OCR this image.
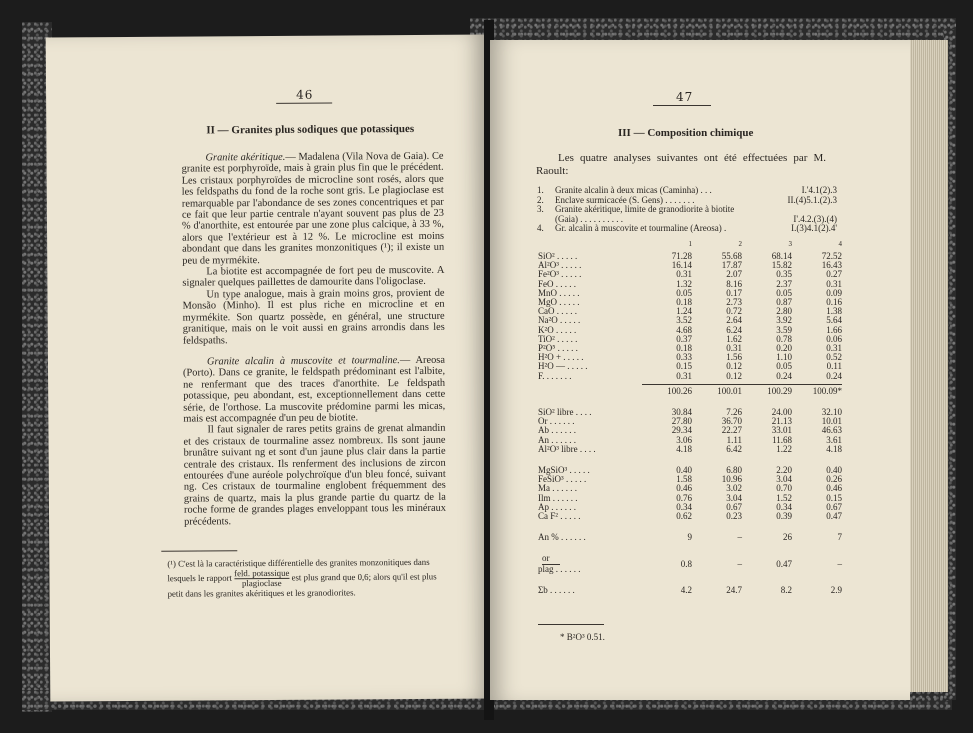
46
II — Granites plus sodiques que potassiques

Granite akéritique.— Madalena (Vila Nova de Gaia). Ce granite est porphyroïde, mais à grain plus fin que le précédent. Les cristaux porphyroïdes de microcline sont rosés, alors que les feldspaths du fond de la roche sont gris. Le plagioclase est remarquable par l'abondance de ses zones concentriques et par ce fait que leur partie centrale n'ayant souvent pas plus de 23 % d'anorthite, est entourée par une zone plus calcique, à 33 %, alors que l'extérieur est à 12 %. Le microcline est moins abondant que dans les granites monzonitiques (¹); il existe un peu de myrmékite.

La biotite est accompagnée de fort peu de muscovite. A signaler quelques paillettes de damourite dans l'oligoclase.

Un type analogue, mais à grain moins gros, provient de Monsão (Minho). Il est plus riche en microcline et en myrmékite. Son quartz possède, en général, une structure granitique, mais on le voit aussi en grains arrondis dans les feldspaths.

Granite alcalin à muscovite et tourmaline.— Areosa (Porto). Dans ce granite, le feldspath prédominant est l'albite, ne renfermant que des traces d'anorthite. Le feldspath potassique, peu abondant, est, exceptionnellement dans cette série, de l'orthose. La muscovite prédomine parmi les micas, mais est accompagnée d'un peu de biotite.

Il faut signaler de rares petits grains de grenat almandin et des cristaux de tourmaline assez nombreux. Ils sont jaune brunâtre suivant ng et sont d'un jaune plus clair dans la partie centrale des cristaux. Ils renferment des inclusions de zircon entourées d'une auréole polychroïque d'un bleu foncé, suivant ng. Ces cristaux de tourmaline englobent fréquemment des grains de quartz, mais la plus grande partie du quartz de la roche forme de grandes plages enveloppant tous les minéraux précédents.

(¹) C'est là la caractéristique différentielle des granites monzonitiques dans lesquels le rapport feld. potassique
plagioclase
est plus grand que 0,6; alors qu'il est plus petit dans les granites akéritiques et les granodiorites.
47
III — Composition chimique
Les quatre analyses suivantes ont été effectuées par M. Raoult:
1.	Granite alcalin à deux micas (Caminha) . . .	I.'4.1(2).3
2.	Enclave surmicacée (S. Gens) . . . . . . .	II.(4)5.1.(2).3
3.	Granite akéritique, limite de granodiorite à biotite (Gaia) . . . . . . . . . .	I'.4.2.(3).(4)
4.	Gr. alcalin à muscovite et tourmaline (Areosa) .	I.(3)4.1(2).4'
	1	2	3	4
SiO² . . . . .	71.28	55.68	68.14	72.52
Al²O³ . . . . .	16.14	17.87	15.82	16.43
Fe²O³ . . . . .	0.31	2.07	0.35	0.27
FeO . . . . .	1.32	8.16	2.37	0.31
MnO . . . . .	0.05	0.17	0.05	0.09
MgO . . . . .	0.18	2.73	0.87	0.16
CaO . . . . .	1.24	0.72	2.80	1.38
Na²O . . . . .	3.52	2.64	3.92	5.64
K²O . . . . .	4.68	6.24	3.59	1.66
TiO² . . . . .	0.37	1.62	0.78	0.06
P²O⁵ . . . . .	0.18	0.31	0.20	0.31
H²O + . . . . .	0.33	1.56	1.10	0.52
H²O — . . . . .	0.15	0.12	0.05	0.11
F. . . . . . .	0.31	0.12	0.24	0.24

	100.26	100.01	100.29	100.09*

SiO² libre . . . .	30.84	7.26	24.00	32.10
Or . . . . . .	27.80	36.70	21.13	10.01
Ab . . . . . .	29.34	22.27	33.01	46.63
An . . . . . .	3.06	1.11	11.68	3.61
Al²O³ libre . . . .	4.18	6.42	1.22	4.18

MgSiO³ . . . . .	0.40	6.80	2.20	0.40
FeSiO³ . . . . .	1.58	10.96	3.04	0.26
Ma . . . . . .	0.46	3.02	0.70	0.46
Ilm . . . . . .	0.76	3.04	1.52	0.15
Ap . . . . . .	0.34	0.67	0.34	0.67
Ca F² . . . . .	0.62	0.23	0.39	0.47

An % . . . . . .	9	–	26	7

or
plag . . . . . .	0.8	–	0.47	–

Σb . . . . . .	4.2	24.7	8.2	2.9
* B²O³ 0.51.
